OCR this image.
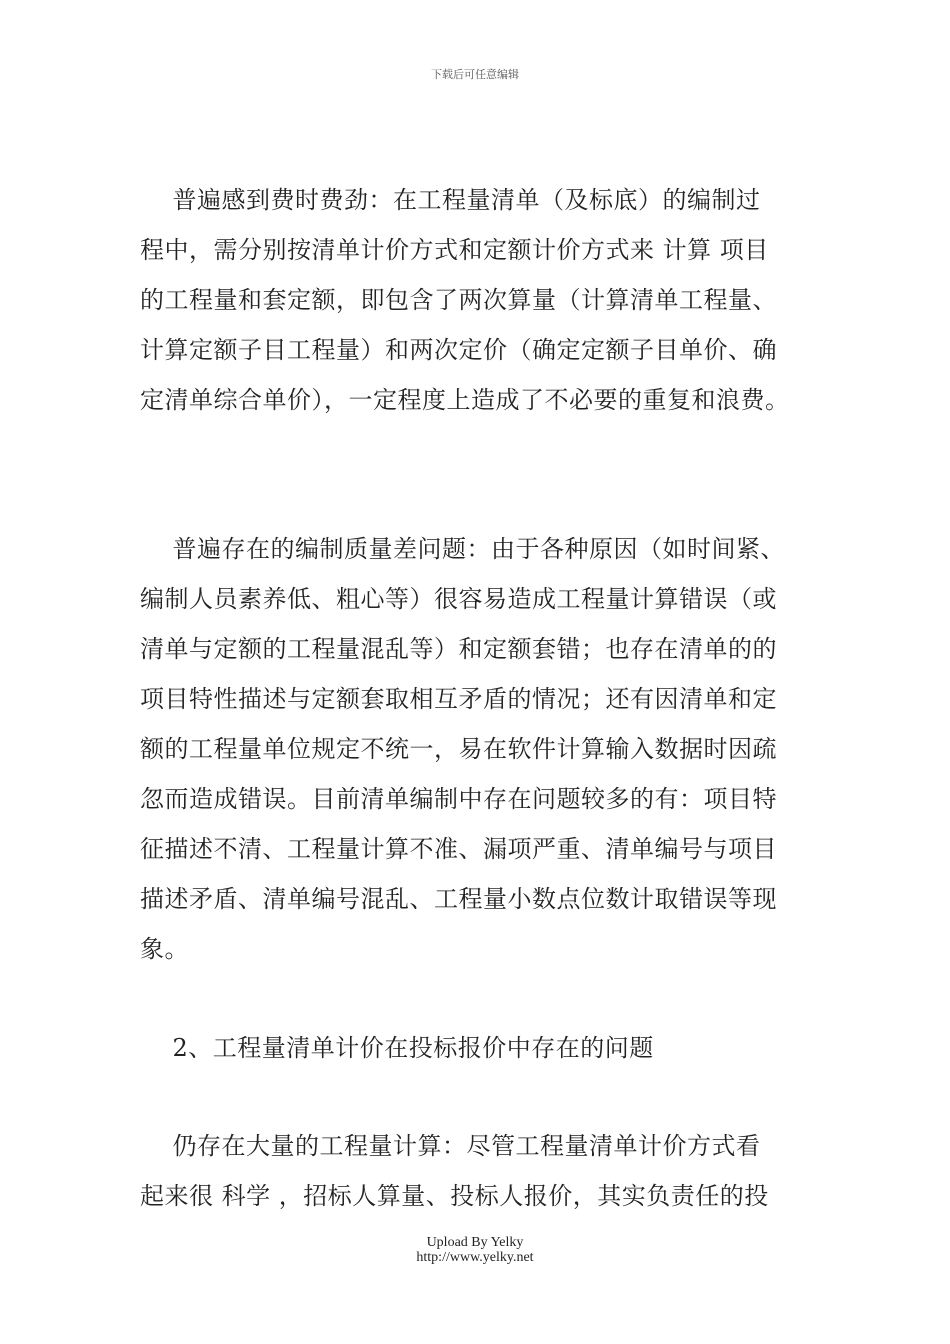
下载后可任意编辑
普遍感到费时费劲：在工程量清单（及标底）的编制过
程中，需分别按清单计价方式和定额计价方式来 计算 项目
的工程量和套定额，即包含了两次算量（计算清单工程量、
计算定额子目工程量）和两次定价（确定定额子目单价、确
定清单综合单价），一定程度上造成了不必要的重复和浪费。
普遍存在的编制质量差问题：由于各种原因（如时间紧、
编制人员素养低、粗心等）很容易造成工程量计算错误（或
清单与定额的工程量混乱等）和定额套错；也存在清单的的
项目特性描述与定额套取相互矛盾的情况；还有因清单和定
额的工程量单位规定不统一，易在软件计算输入数据时因疏
忽而造成错误。目前清单编制中存在问题较多的有：项目特
征描述不清、工程量计算不准、漏项严重、清单编号与项目
描述矛盾、清单编号混乱、工程量小数点位数计取错误等现
象。
2、工程量清单计价在投标报价中存在的问题
仍存在大量的工程量计算：尽管工程量清单计价方式看
起来很 科学 ，招标人算量、投标人报价，其实负责任的投
Upload By Yelky
http://www.yelky.net
